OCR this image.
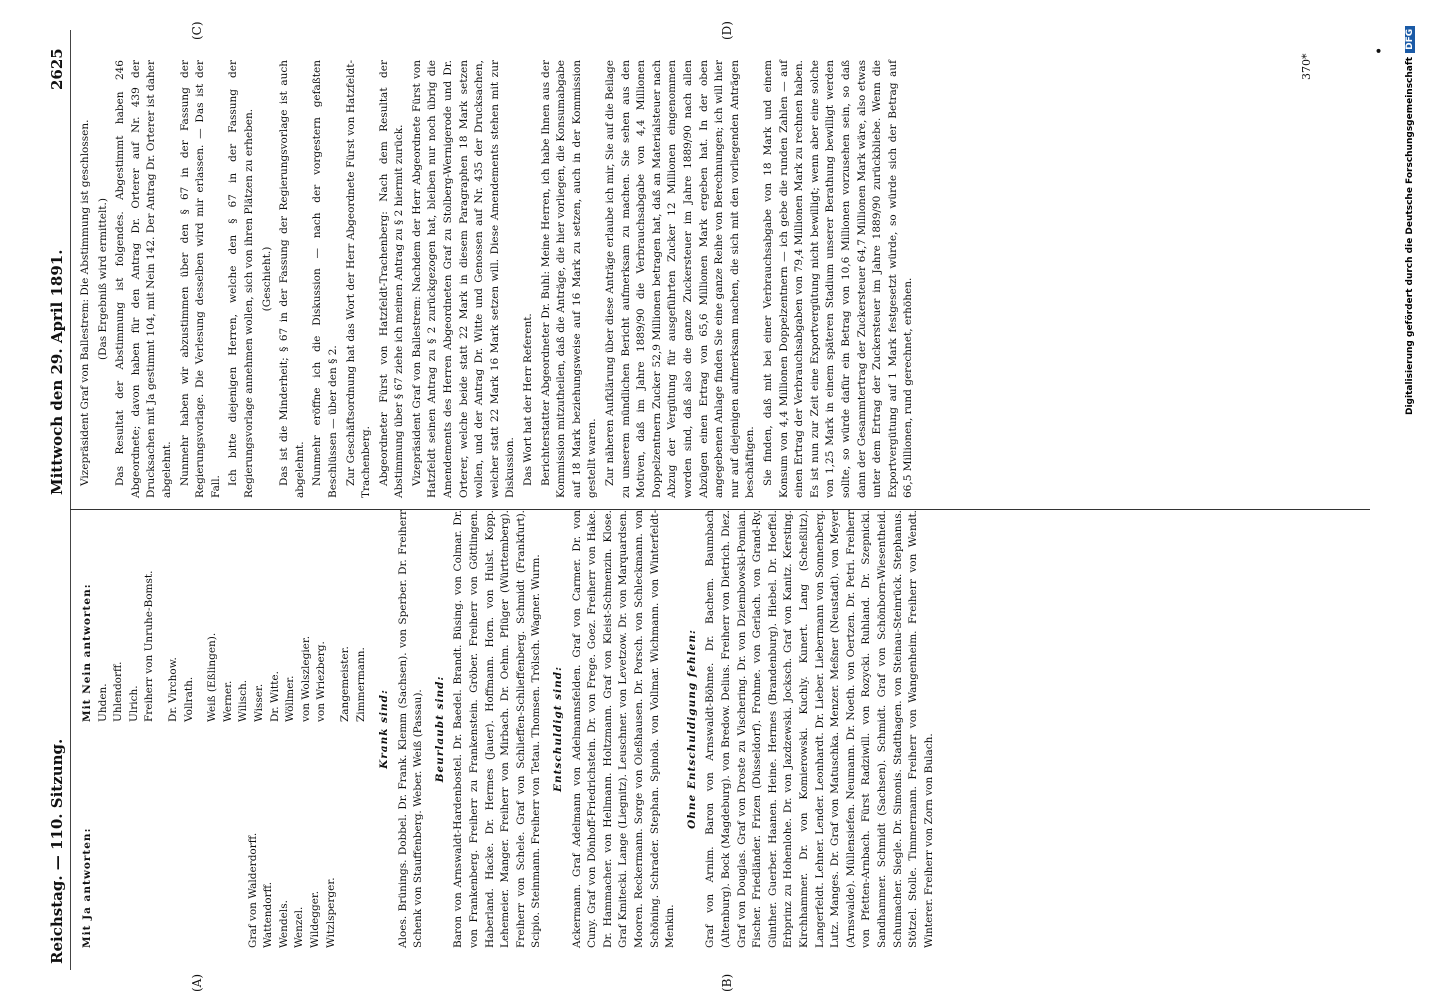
Reichstag. — 110. Sitzung.
Mittwoch den 29. April 1891.
2625
(A)	(B)
(C)	(D)
Mit Ja antworten:	Graf von Walderdorff. Wattendorff. Wendels. Wenzel. Wildegger. Witzlsperger.
Mit Nein antworten: Uhden. Uhlendorff. Ulrich. Freiherr von Unruhe-Bomst. Dr. Virchow. Vollrath. Weiß (Eßlingen). Werner. Wilisch. Wisser. Dr. Witte. Wöllmer. von Wolszlegier. von Wriezberg. Zangemeister. Zimmermann.

Krank sind: Aloes. Brünings. Dobbel. Dr. Frank. Klemm (Sachsen). von Sperber. Dr. Freiherr Schenk von Stauffenberg. Weber. Weiß (Passau). Beurlaubt sind: Baron von Arnswaldt-Hardenbostel. Dr. Baedel. Brandt. Büsing. von Colmar. Dr. von Frankenberg. Freiherr zu Frankenstein. Gröber. Freiherr von Göttlingen. Haberland. Hacke. Dr. Hermes (Jauer). Hoffmann. Horn. von Hulst. Kopp. Lehemeier. Manger. Freiherr von Mirbach. Dr. Oehm. Pflüger (Württemberg). Freiherr von Schele. Graf von Schlieffen-Schlieffenberg. Schmidt (Frankfurt). Scipio. Steinmann. Freiherr von Tetau. Thomsen. Trölsch. Wagner. Wurm. Entschuldigt sind: Ackermann. Graf Adelmann von Adelmannsfelden. Graf von Carmer. Dr. von Cuny. Graf von Dönhoff-Friedrichstein. Dr. von Frege. Goez. Freiherr von Hake. Dr. Hammacher. von Hellmann. Holtzmann. Graf von Kleist-Schmenzin. Klose. Graf Kmitecki. Lange (Liegnitz). Leuschner. von Levetzow. Dr. von Marquardsen. Mooren. Reckermann. Sorge von Oleßhausen. Dr. Porsch. von Schleckmann. von Schöning. Schrader. Stephan. Spinola. von Vollmar. Wichmann. von Winterfeldt-Menkin.

Ohne Entschuldigung fehlen: Graf von Arnim. Baron von Arnswaldt-Böhme. Dr. Bachem. Baumbach (Altenburg). Bock (Magdeburg). von Bredow. Delius. Freiherr von Dietrich. Diez. Graf von Douglas. Graf von Droste zu Vischering. Dr. von Dziembowski-Pomian. Fischer. Friedländer. Frizen (Düsseldorf). Frohme. von Gerlach. von Grand-Ry. Günther. Guerber. Haanen. Heine. Hermes (Brandenburg). Hiebel. Dr. Hoeffel. Erbprinz zu Hohenlohe. Dr. von Jazdzewski. Jocksch. Graf von Kanitz. Kersting. Kirchhammer. Dr. von Komierowski. Kuchly. Kunert. Lang (Scheßlitz). Langerfeldt. Lehner. Lender. Leonhardt. Dr. Lieber. Liebermann von Sonnenberg. Lutz. Manges. Dr. Graf von Matuschka. Menzer. Meßner (Neustadt). von Meyer (Arnswalde). Müllensiefen. Neumann. Dr. Noeth. von Oertzen. Dr. Petri. Freiherr von Pfetten-Arnbach. Fürst Radziwill. von Rozycki. Ruhland. Dr. Szepnicki. Sandhammer. Schmidt (Sachsen). Schmidt. Graf von Schönborn-Wiesentheid. Schumacher. Siegle. Dr. Simonis. Stadthagen. von Steinau-Steinrück. Stephanus. Stötzel. Stolle. Timmermann. Freiherr von Wangenheim. Freiherr von Wendt. Winterer. Freiherr von Zorn von Bulach.

Vizepräsident Graf von Ballestrem: Die Abstimmung ist geschlossen. (Das Ergebniß wird ermittelt.) Das Resultat der Abstimmung ist folgendes. Abgestimmt haben 246 Abgeordnete; davon haben für den Antrag Dr. Orterer auf Nr. 439 der Drucksachen mit Ja gestimmt 104, mit Nein 142. Der Antrag Dr. Orterer ist daher abgelehnt. Nunmehr haben wir abzustimmen über den § 67 in der Fassung der Regierungsvorlage. Die Verlesung desselben wird mir erlassen. — Das ist der Fall.

Ich bitte diejenigen Herren, welche den § 67 in der Fassung der Regierungsvorlage annehmen wollen, sich von ihren Plätzen zu erheben. (Geschieht.) Das ist die Minderheit; § 67 in der Fassung der Regierungsvorlage ist auch abgelehnt. Nunmehr eröffne ich die Diskussion — nach der vorgestern gefaßten Beschlüssen — über den § 2. Zur Geschäftsordnung hat das Wort der Herr Abgeordnete Fürst von Hatzfeldt-Trachenberg. Abgeordneter Fürst von Hatzfeldt-Trachenberg: Nach dem Resultat der Abstimmung über § 67 ziehe ich meinen Antrag zu § 2 hiermit zurück. Vizepräsident Graf von Ballestrem: Nachdem der Herr Abgeordnete Fürst von Hatzfeldt seinen Antrag zu § 2 zurückgezogen hat, bleiben nur noch übrig die Amendements des Herren Abgeordneten Graf zu Stolberg-Wernigerode und Dr. Orterer, welche beide statt 22 Mark in diesem Paragraphen 18 Mark setzen wollen, und der Antrag Dr. Witte und Genossen auf Nr. 435 der Drucksachen, welcher statt 22 Mark 16 Mark setzen will. Diese Amendements stehen mit zur Diskussion. Das Wort hat der Herr Referent. Berichterstatter Abgeordneter Dr. Buhl: Meine Herren, ich habe Ihnen aus der Kommission mitzutheilen, daß die Anträge, die hier vorliegen, die Konsumabgabe auf 18 Mark beziehungsweise auf 16 Mark zu setzen, auch in der Kommission gestellt waren. Zur näheren Aufklärung über diese Anträge erlaube ich mir, Sie auf die Beilage zu unserem mündlichen Bericht aufmerksam zu machen. Sie sehen aus den Motiven, daß im Jahre 1889/90 die Verbrauchsabgabe von 4,4 Millionen Doppelzentnern Zucker 52,9 Millionen betragen hat, daß an Materialsteuer nach Abzug der Vergütung für ausgeführten Zucker 12 Millionen eingenommen worden sind, daß also die ganze Zuckersteuer im Jahre 1889/90 nach allen Abzügen einen Ertrag von 65,6 Millionen Mark ergeben hat. In der oben angegebenen Anlage finden Sie eine ganze Reihe von Berechnungen; ich will hier nur auf diejenigen aufmerksam machen, die sich mit den vorliegenden Anträgen beschäftigen. Sie finden, daß mit bei einer Verbrauchsabgabe von 18 Mark und einem Konsum von 4,4 Millionen Doppelzentnern — ich gebe die runden Zahlen — auf einen Ertrag der Verbrauchsabgaben von 79,4 Millionen Mark zu rechnen haben. Es ist nun zur Zeit eine Exportvergütung nicht bewilligt; wenn aber eine solche von 1,25 Mark in einem späteren Stadium unserer Berathung bewilligt werden sollte, so würde dafür ein Betrag von 10,6 Millionen vorzusehen sein, so daß dann der Gesammtertrag der Zuckersteuer 64,7 Millionen Mark wäre, also etwas unter dem Ertrag der Zuckersteuer im Jahre 1889/90 zurückbliebe. Wenn die Exportvergütung auf 1 Mark festgesetzt würde, so würde sich der Betrag auf 66,5 Millionen, rund gerechnet, erhöhen.

370*
•
Digitalisierung gefördert durch die Deutsche ForschungsgemeinschaftDFG
